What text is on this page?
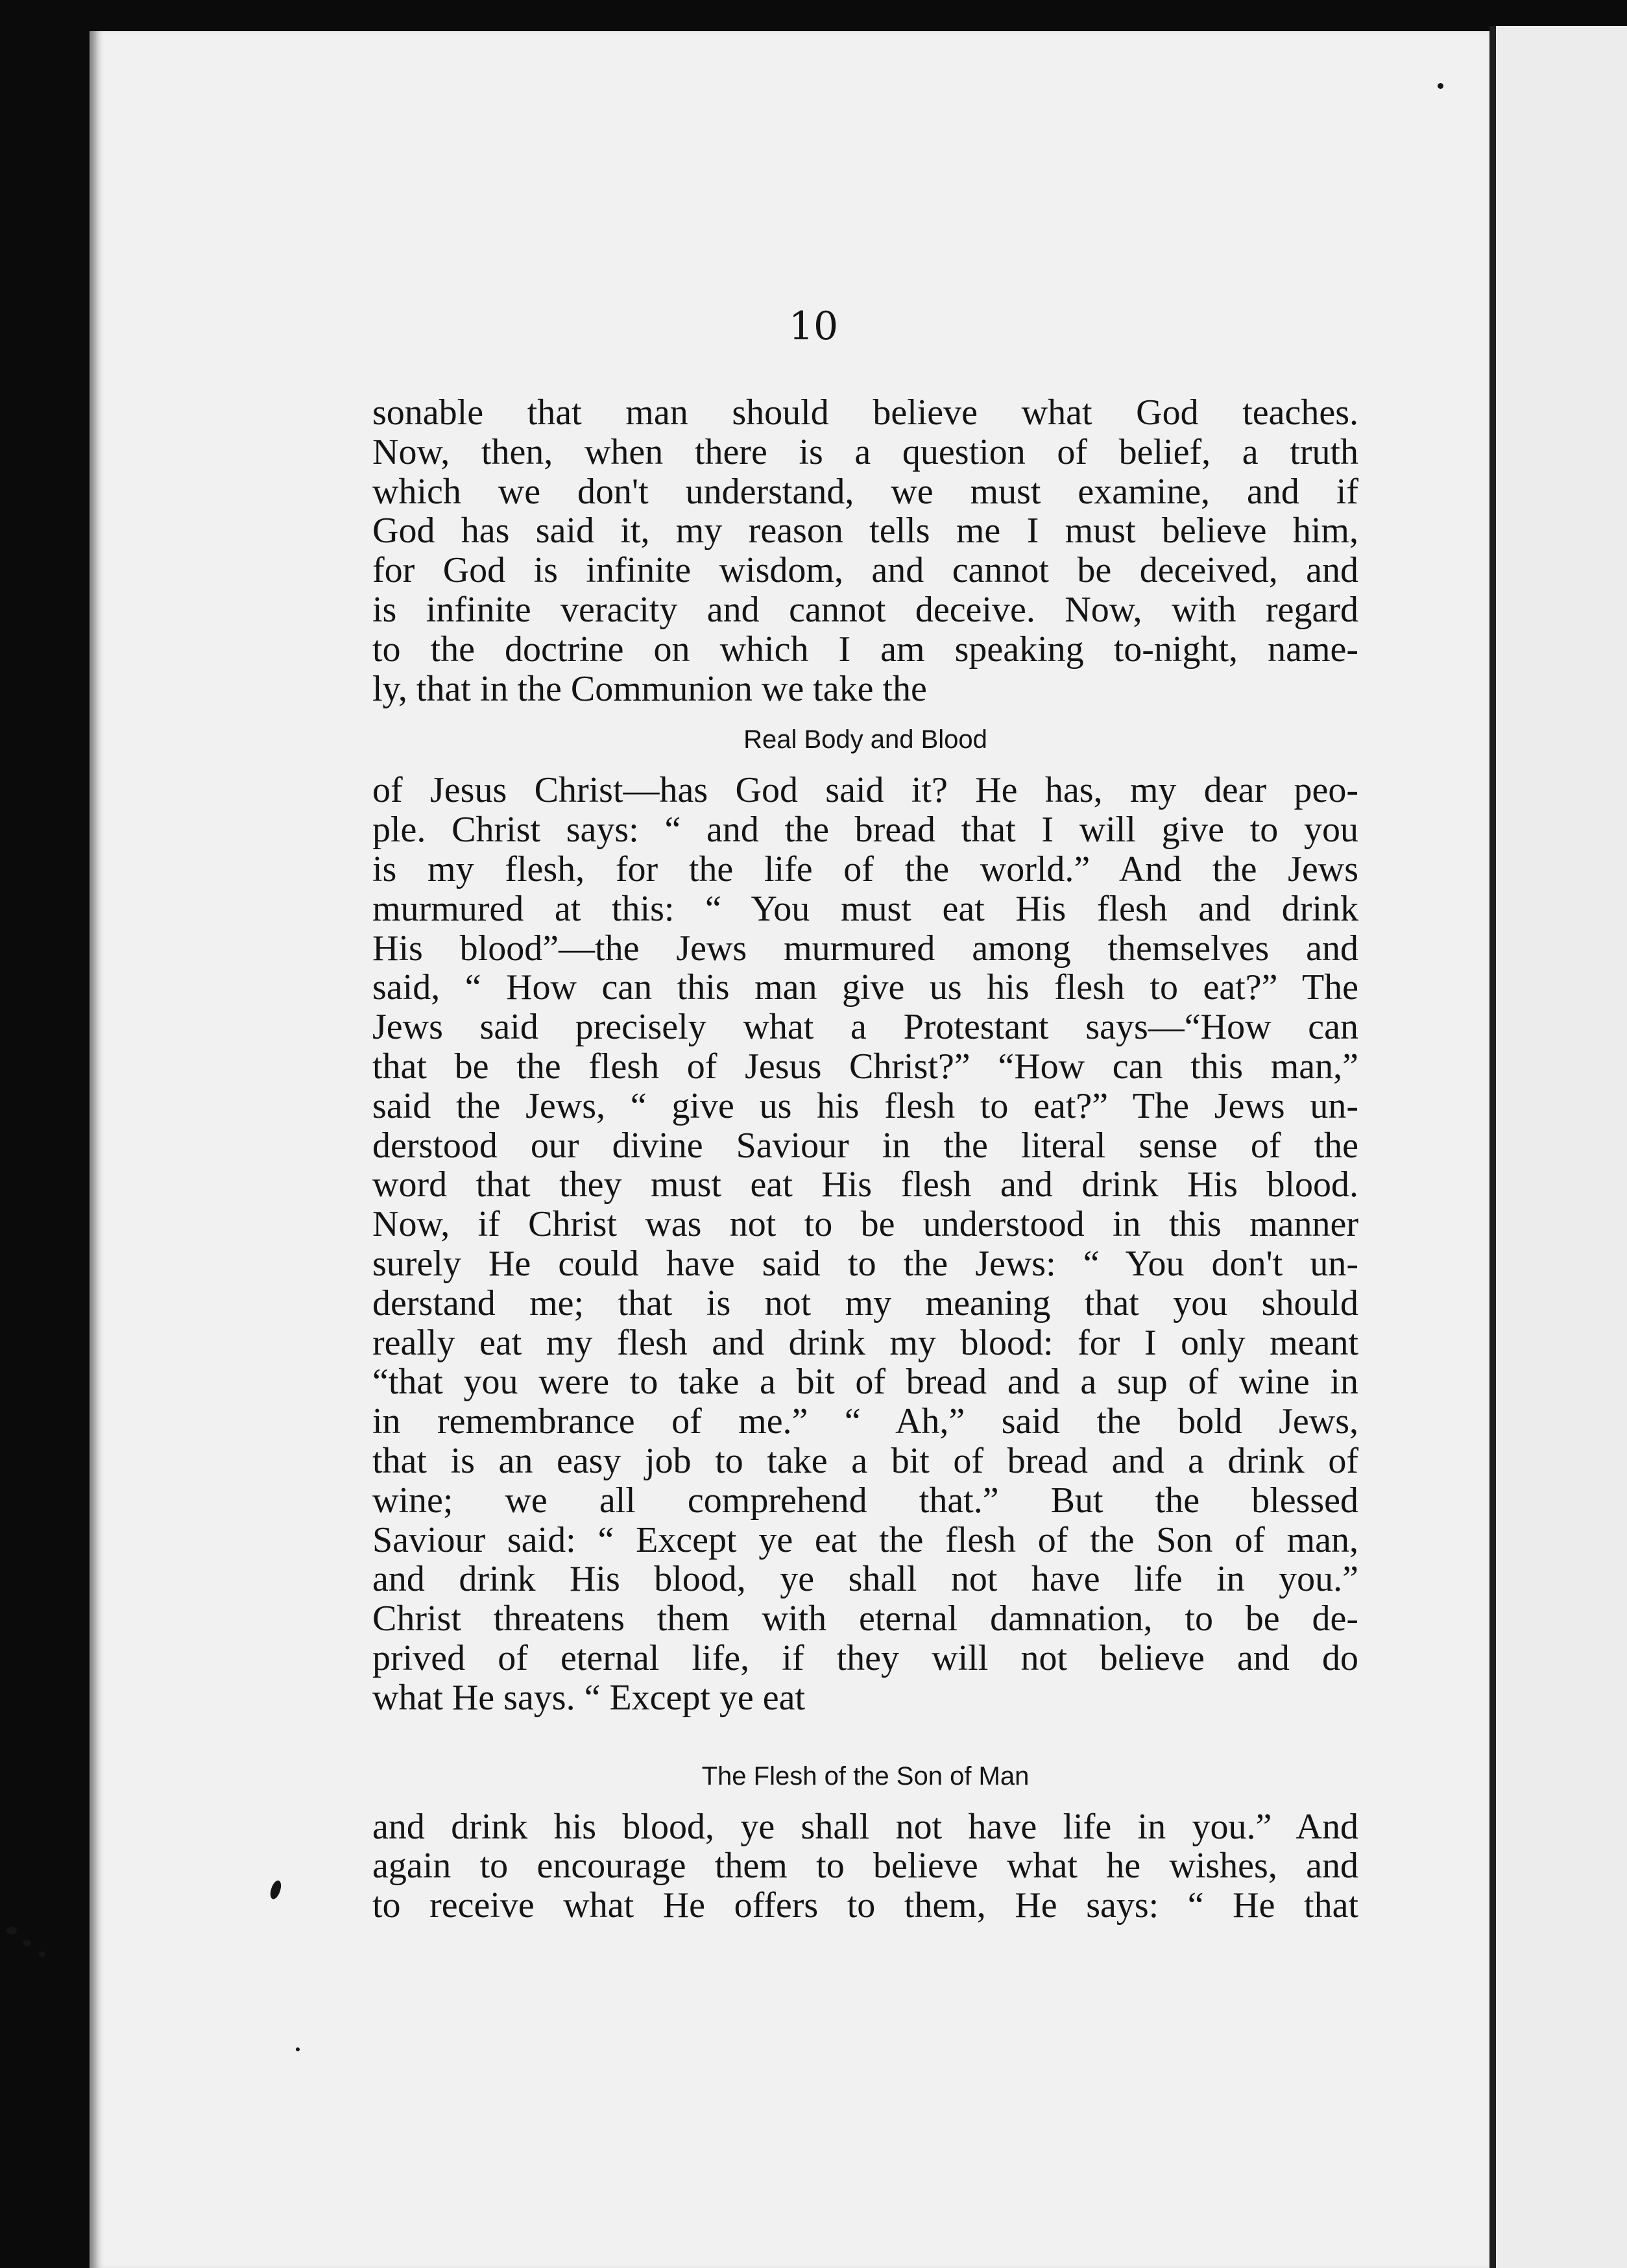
10
sonable that man should believe what God teaches.
Now, then, when there is a question of belief, a truth
which we don't understand, we must examine, and if
God has said it, my reason tells me I must believe him,
for God is infinite wisdom, and cannot be deceived, and
is infinite veracity and cannot deceive. Now, with regard
to the doctrine on which I am speaking to-night, name-
ly, that in the Communion we take the
Real Body and Blood
of Jesus Christ—has God said it? He has, my dear peo-
ple. Christ says: “ and the bread that I will give to you
is my flesh, for the life of the world.” And the Jews
murmured at this: “ You must eat His flesh and drink
His blood”—the Jews murmured among themselves and
said, “ How can this man give us his flesh to eat?” The
Jews said precisely what a Protestant says—“How can
that be the flesh of Jesus Christ?” “How can this man,”
said the Jews, “ give us his flesh to eat?” The Jews un-
derstood our divine Saviour in the literal sense of the
word that they must eat His flesh and drink His blood.
Now, if Christ was not to be understood in this manner
surely He could have said to the Jews: “ You don't un-
derstand me; that is not my meaning that you should
really eat my flesh and drink my blood: for I only meant
“that you were to take a bit of bread and a sup of wine in
in remembrance of me.” “ Ah,” said the bold Jews,
that is an easy job to take a bit of bread and a drink of
wine; we all comprehend that.” But the blessed
Saviour said: “ Except ye eat the flesh of the Son of man,
and drink His blood, ye shall not have life in you.”
Christ threatens them with eternal damnation, to be de-
prived of eternal life, if they will not believe and do
what He says. “ Except ye eat
The Flesh of the Son of Man
and drink his blood, ye shall not have life in you.” And
again to encourage them to believe what he wishes, and
to receive what He offers to them, He says: “ He that
